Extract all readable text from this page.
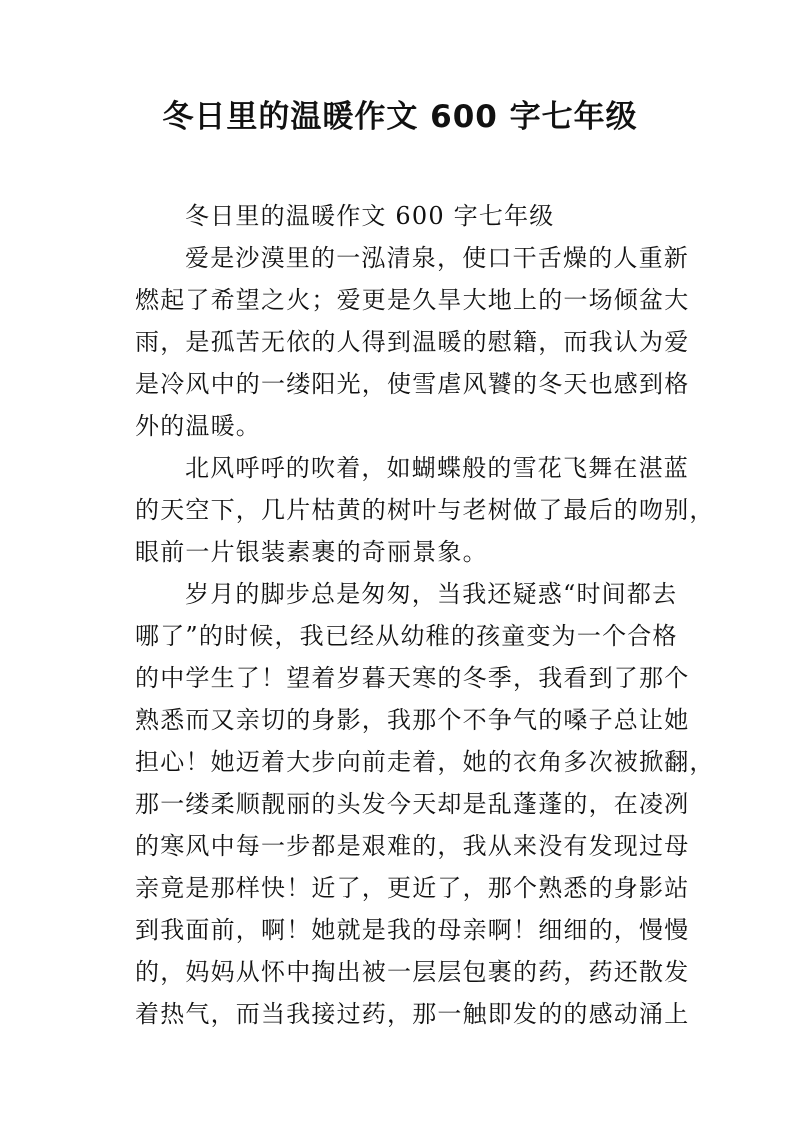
冬日里的温暖作文 600 字七年级
冬日里的温暖作文 600 字七年级
爱是沙漠里的一泓清泉，使口干舌燥的人重新
燃起了希望之火；爱更是久旱大地上的一场倾盆大
雨，是孤苦无依的人得到温暖的慰籍，而我认为爱
是冷风中的一缕阳光，使雪虐风饕的冬天也感到格
外的温暖。
北风呼呼的吹着，如蝴蝶般的雪花飞舞在湛蓝
的天空下，几片枯黄的树叶与老树做了最后的吻别，
眼前一片银装素裹的奇丽景象。
岁月的脚步总是匆匆，当我还疑惑“时间都去
哪了”的时候，我已经从幼稚的孩童变为一个合格
的中学生了！望着岁暮天寒的冬季，我看到了那个
熟悉而又亲切的身影，我那个不争气的嗓子总让她
担心！她迈着大步向前走着，她的衣角多次被掀翻，
那一缕柔顺靓丽的头发今天却是乱蓬蓬的，在凌冽
的寒风中每一步都是艰难的，我从来没有发现过母
亲竟是那样快！近了，更近了，那个熟悉的身影站
到我面前，啊！她就是我的母亲啊！细细的，慢慢
的，妈妈从怀中掏出被一层层包裹的药，药还散发
着热气，而当我接过药，那一触即发的的感动涌上
